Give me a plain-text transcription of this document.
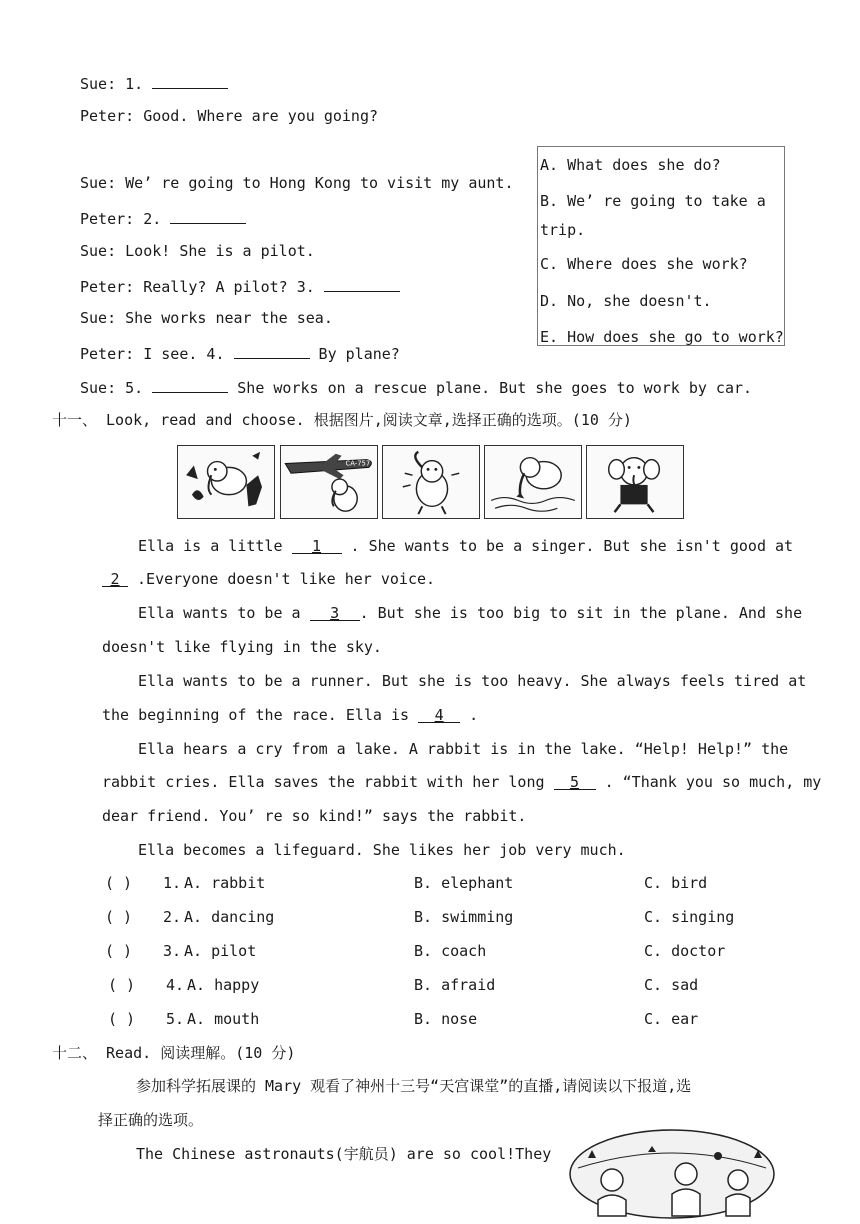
Sue: 1.
Peter: Good. Where are you going?
Sue: We’ re going to Hong Kong to visit my aunt.
Peter: 2.
Sue: Look! She is a pilot.
Peter: Really? A pilot? 3.
Sue: She works near the sea.
Peter: I see. 4.	By plane?
Sue: 5.	She works on a rescue plane. But she goes to work by car.
A. What does she do?
B. We’ re going to take a
trip.
C. Where does she work?
D. No, she doesn't.
E. How does she go to work?
十一、 Look, read and choose. 根据图片,阅读文章,选择正确的选项。(10 分)
CA-757
Ella is a little 1 . She wants to be a singer. But she isn't good at
2 .Everyone doesn't like her voice.
Ella wants to be a 3 . But she is too big to sit in the plane. And she
doesn't like flying in the sky.
Ella wants to be a runner. But she is too heavy. She always feels tired at
the beginning of the race. Ella is 4 .
Ella hears a cry from a lake. A rabbit is in the lake. “Help! Help!” the
rabbit cries. Ella saves the rabbit with her long 5 . “Thank you so much, my
dear friend. You’ re so kind!” says the rabbit.
Ella becomes a lifeguard. She likes her job very much.
( ) 1. A. rabbit	B. elephant	C. bird
( ) 2. A. dancing	B. swimming	C. singing
( ) 3. A. pilot	B. coach	C. doctor
( ) 4. A. happy	B. afraid	C. sad
( ) 5. A. mouth	B. nose	C. ear
十二、 Read. 阅读理解。(10 分)
参加科学拓展课的 Mary 观看了神州十三号“天宫课堂”的直播,请阅读以下报道,选
择正确的选项。
The Chinese astronauts(宇航员) are so cool!They
